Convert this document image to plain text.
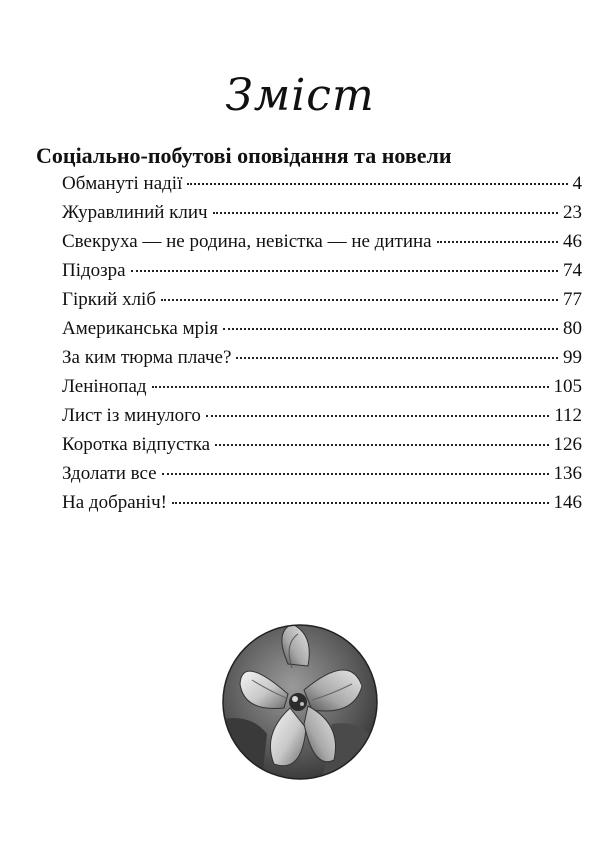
Зміст
Соціально-побутові оповідання та новели
Обмануті надії	4
Журавлиний клич	23
Свекруха — не родина, невістка — не дитина	46
Підозра	74
Гіркий хліб	77
Американська мрія	80
За ким тюрма плаче?	99
Ленінопад	105
Лист із минулого	112
Коротка відпустка	126
Здолати все	136
На добраніч!	146
